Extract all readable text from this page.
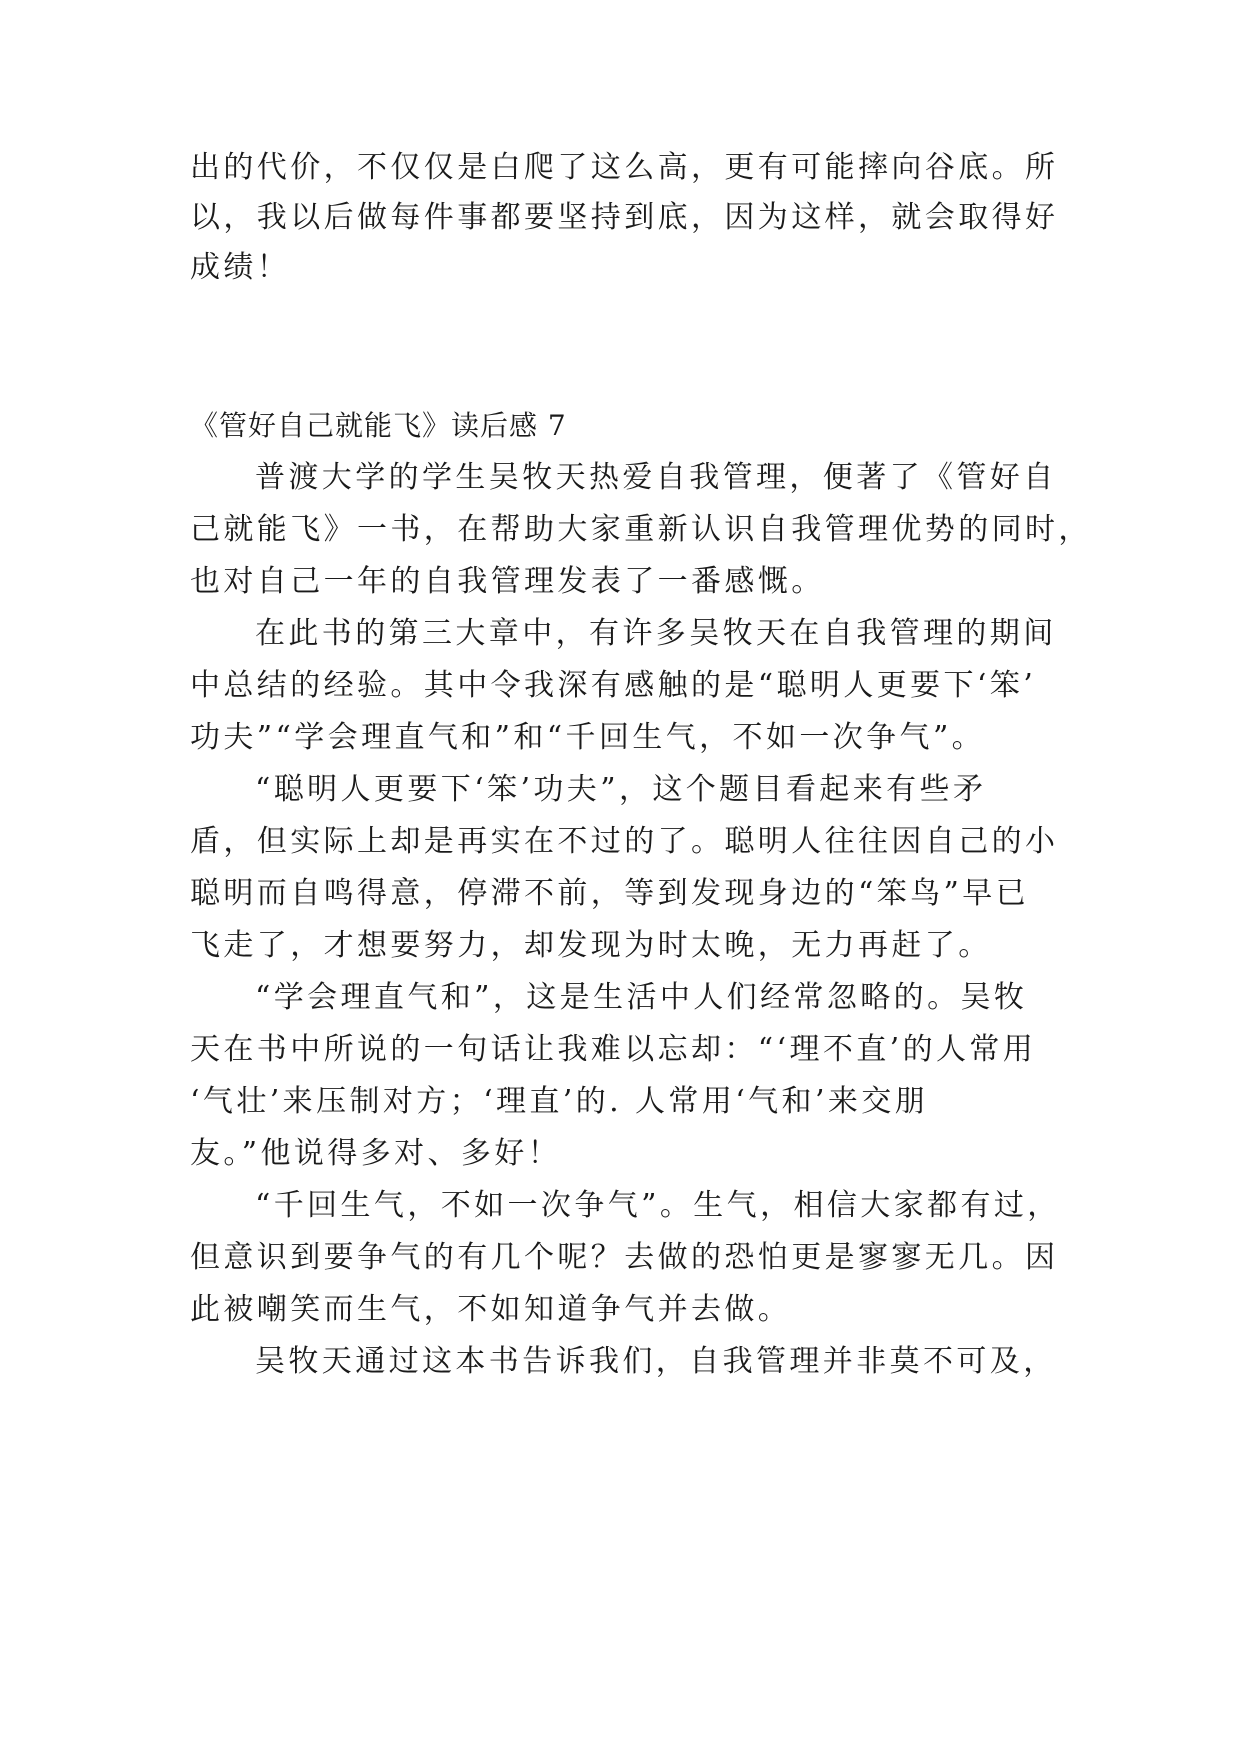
出的代价，不仅仅是白爬了这么高，更有可能摔向谷底。所
以，我以后做每件事都要坚持到底，因为这样，就会取得好
成绩！
《管好自己就能飞》读后感 7
普渡大学的学生吴牧天热爱自我管理，便著了《管好自
己就能飞》一书，在帮助大家重新认识自我管理优势的同时，
也对自己一年的自我管理发表了一番感慨。
在此书的第三大章中，有许多吴牧天在自我管理的期间
中总结的经验。其中令我深有感触的是“聪明人更要下‘笨’
功夫”“学会理直气和”和“千回生气，不如一次争气”。
“聪明人更要下‘笨’功夫”，这个题目看起来有些矛
盾，但实际上却是再实在不过的了。聪明人往往因自己的小
聪明而自鸣得意，停滞不前，等到发现身边的“笨鸟”早已
飞走了，才想要努力，却发现为时太晚，无力再赶了。
“学会理直气和”，这是生活中人们经常忽略的。吴牧
天在书中所说的一句话让我难以忘却：“‘理不直’的人常用
‘气壮’来压制对方；‘理直’的. 人常用‘气和’来交朋
友。”他说得多对、多好！
“千回生气，不如一次争气”。生气，相信大家都有过，
但意识到要争气的有几个呢？去做的恐怕更是寥寥无几。因
此被嘲笑而生气，不如知道争气并去做。
吴牧天通过这本书告诉我们，自我管理并非莫不可及，
